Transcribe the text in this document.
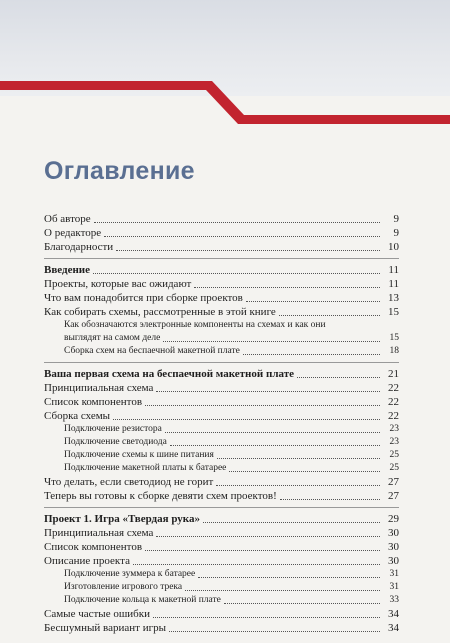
Оглавление
Об авторе	9
О редакторе	9
Благодарности	10
Введение	11
Проекты, которые вас ожидают	11
Что вам понадобится при сборке проектов	13
Как собирать схемы, рассмотренные в этой книге	15
Как обозначаются электронные компоненты на схемах и как они
выглядят на самом деле	15
Сборка схем на беспаечной макетной плате	18
Ваша первая схема на беспаечной макетной плате	21
Принципиальная схема	22
Список компонентов	22
Сборка схемы	22
Подключение резистора	23
Подключение светодиода	23
Подключение схемы к шине питания	25
Подключение макетной платы к батарее	25
Что делать, если светодиод не горит	27
Теперь вы готовы к сборке девяти схем проектов!	27
Проект 1. Игра «Твердая рука»	29
Принципиальная схема	30
Список компонентов	30
Описание проекта	30
Подключение зуммера к батарее	31
Изготовление игрового трека	31
Подключение кольца к макетной плате	33
Самые частые ошибки	34
Бесшумный вариант игры	34
